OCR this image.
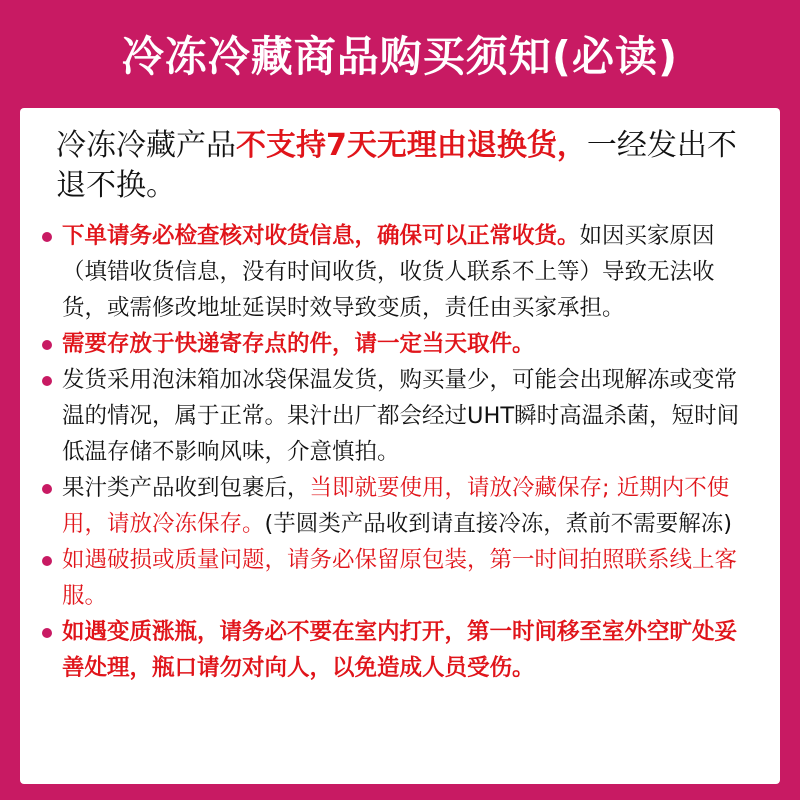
冷冻冷藏商品购买须知(必读)

冷冻冷藏产品不支持7天无理由退换货，一经发出不退不换。

下单请务必检查核对收货信息，确保可以正常收货。如因买家原因（填错收货信息，没有时间收货，收货人联系不上等）导致无法收货，或需修改地址延误时效导致变质，责任由买家承担。
需要存放于快递寄存点的件，请一定当天取件。
发货采用泡沫箱加冰袋保温发货，购买量少，可能会出现解冻或变常温的情况，属于正常。果汁出厂都会经过UHT瞬时高温杀菌，短时间低温存储不影响风味，介意慎拍。
果汁类产品收到包裹后，当即就要使用，请放冷藏保存; 近期内不使用，请放冷冻保存。(芋圆类产品收到请直接冷冻，煮前不需要解冻)
如遇破损或质量问题，请务必保留原包装，第一时间拍照联系线上客服。
如遇变质涨瓶，请务必不要在室内打开，第一时间移至室外空旷处妥善处理，瓶口请勿对向人，以免造成人员受伤。
